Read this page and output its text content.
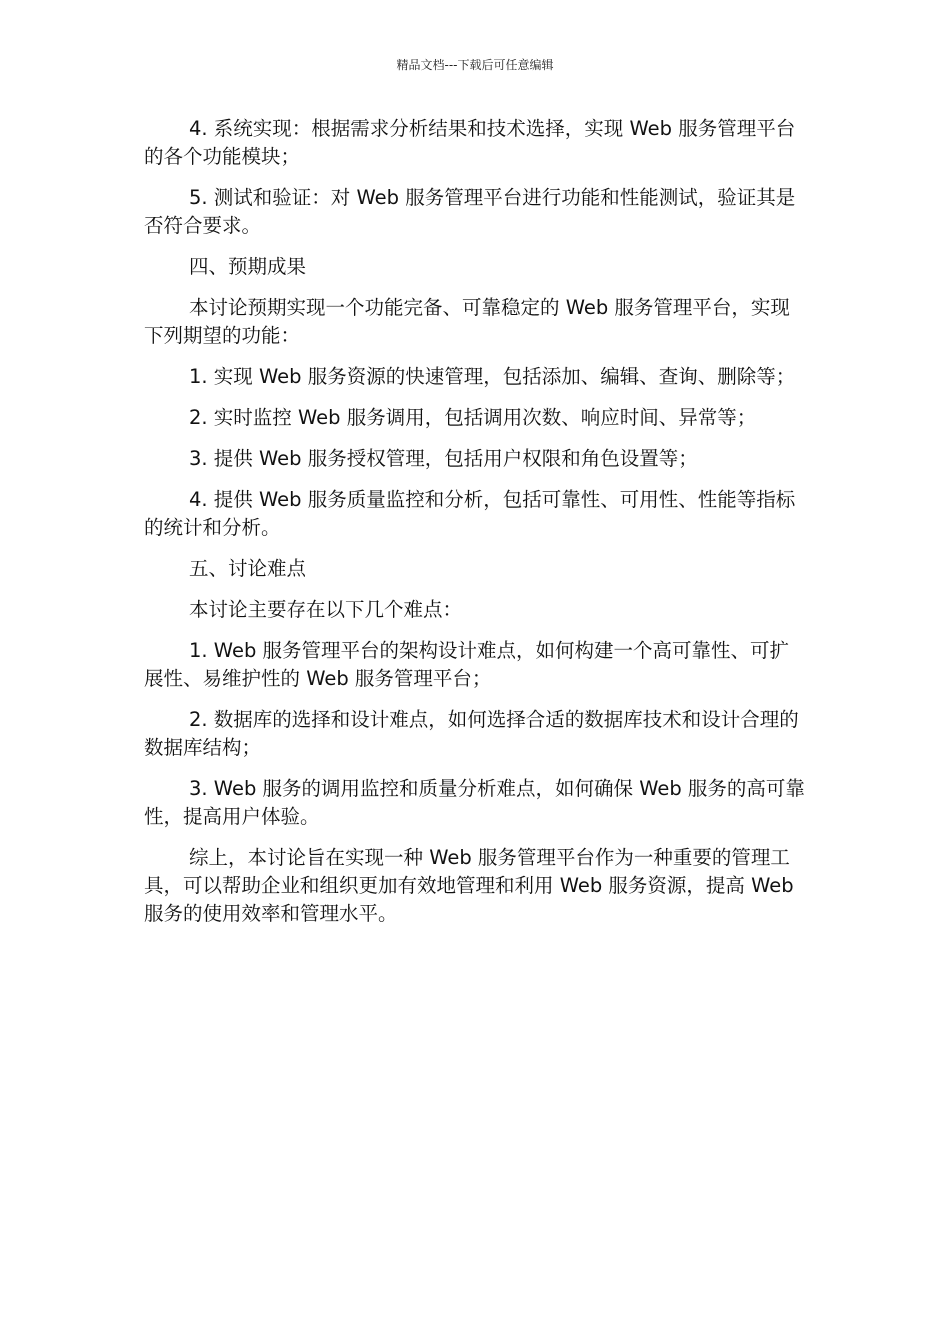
精品文档---下载后可任意编辑

4. 系统实现：根据需求分析结果和技术选择，实现 Web 服务管理平台的各个功能模块；

5. 测试和验证：对 Web 服务管理平台进行功能和性能测试，验证其是否符合要求。

四、预期成果

本讨论预期实现一个功能完备、可靠稳定的 Web 服务管理平台，实现下列期望的功能：

1. 实现 Web 服务资源的快速管理，包括添加、编辑、查询、删除等；

2. 实时监控 Web 服务调用，包括调用次数、响应时间、异常等；

3. 提供 Web 服务授权管理，包括用户权限和角色设置等；

4. 提供 Web 服务质量监控和分析，包括可靠性、可用性、性能等指标的统计和分析。

五、讨论难点

本讨论主要存在以下几个难点：

1. Web 服务管理平台的架构设计难点，如何构建一个高可靠性、可扩展性、易维护性的 Web 服务管理平台；

2. 数据库的选择和设计难点，如何选择合适的数据库技术和设计合理的数据库结构；

3. Web 服务的调用监控和质量分析难点，如何确保 Web 服务的高可靠性，提高用户体验。

综上，本讨论旨在实现一种 Web 服务管理平台作为一种重要的管理工具，可以帮助企业和组织更加有效地管理和利用 Web 服务资源，提高 Web 服务的使用效率和管理水平。
